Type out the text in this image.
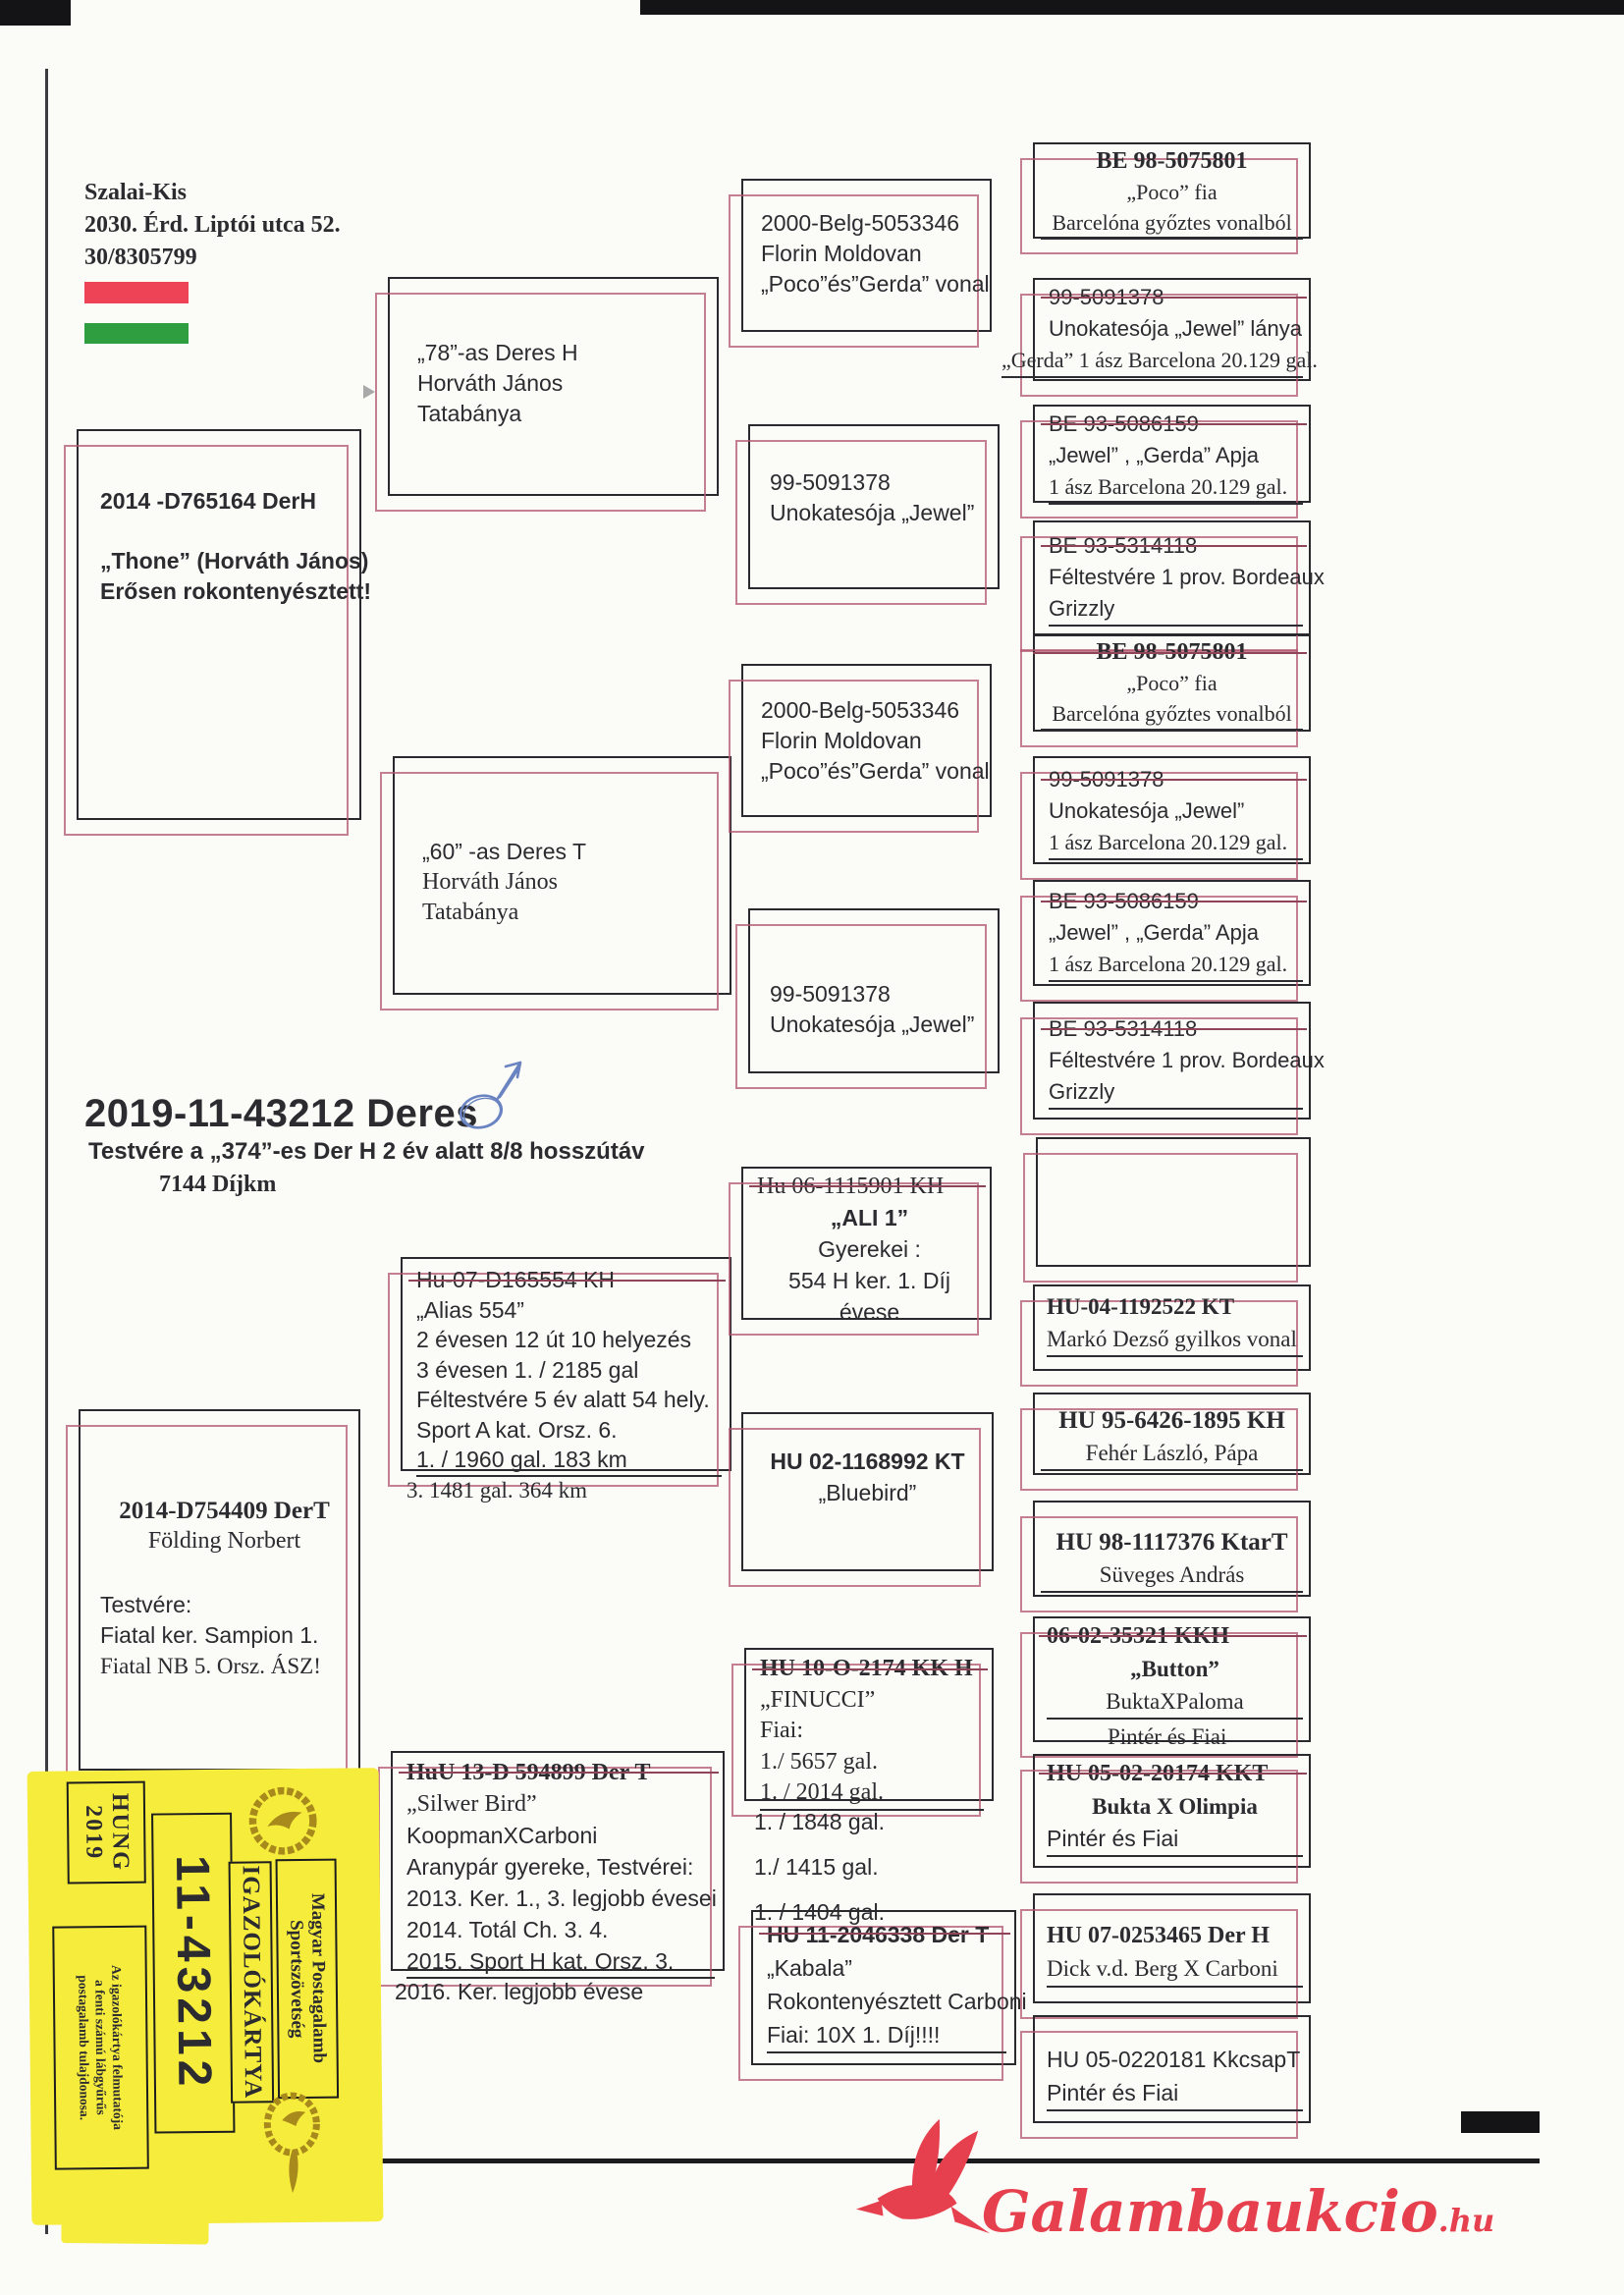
Szalai-Kis
2030. Érd. Liptói utca 52.
30/8305799
2014 -D765164 DerH
„Thone” (Horváth János)
Erősen rokontenyésztett!
2014-D754409 DerT
Földing Norbert
Testvére:
Fiatal ker. Sampion 1.
Fiatal NB 5. Orsz. ÁSZ!
„78”-as Deres H
Horváth János
Tatabánya
„60” -as Deres T
Horváth János
Tatabánya
Hu-07-D165554 KH
„Alias 554”
2 évesen 12 út 10 helyezés
3 évesen 1. / 2185 gal
Féltestvére 5 év alatt 54 hely.
Sport A kat. Orsz. 6.
1. / 1960 gal. 183 km
3. 1481 gal. 364 km
HuU 13-D 594899 Der T
„Silwer Bird”
KoopmanXCarboni
Aranypár gyereke, Testvérei:
2013. Ker. 1., 3. legjobb évesei
2014. Totál Ch. 3. 4.
2015. Sport H kat. Orsz. 3.
2016. Ker. legjobb évese
2000-Belg-5053346
Florin Moldovan
„Poco”és”Gerda” vonal
99-5091378
Unokatesója „Jewel”
2000-Belg-5053346
Florin Moldovan
„Poco”és”Gerda” vonal
99-5091378
Unokatesója „Jewel”
Hu 06-1115901 KH
„ALI 1”
Gyerekei :
554 H ker. 1. Díj
évese
HU 02-1168992 KT
„Bluebird”
HU 10-O-2174 KK H
„FINUCCI”
Fiai:
1./ 5657 gal.
1. / 2014 gal.
1. / 1848 gal.
1./ 1415 gal.
1. / 1404 gal.
HU 11-2046338 Der T
„Kabala”
Rokontenyésztett Carboni
Fiai: 10X 1. Díj!!!!
BE 98-5075801
„Poco” fia
Barcelóna győztes vonalból
99-5091378
Unokatesója „Jewel” lánya
„Gerda” 1 ász Barcelona 20.129 gal.
BE 93-5086159
„Jewel” , „Gerda” Apja
1 ász Barcelona 20.129 gal.
BE 93-5314118
Féltestvére 1 prov. Bordeaux
Grizzly
BE 98-5075801
„Poco” fia
Barcelóna győztes vonalból
99-5091378
Unokatesója „Jewel”
1 ász Barcelona 20.129 gal.
BE 93-5086159
„Jewel” , „Gerda” Apja
1 ász Barcelona 20.129 gal.
BE 93-5314118
Féltestvére 1 prov. Bordeaux
Grizzly
HU-04-1192522 KT
Markó Dezső gyilkos vonal
HU 95-6426-1895 KH
Fehér László, Pápa
HU 98-1117376 KtarT
Süveges András
06-02-35321 KKH
„Button”
BuktaXPaloma
Pintér és Fiai
HU 05-02-20174 KKT
Bukta X Olimpia
Pintér és Fiai
HU 07-0253465 Der H
Dick v.d. Berg X Carboni
HU 05-0220181 KkcsapT
Pintér és Fiai
2019-11-43212 Deres
Testvére a „374”-es Der H 2 év alatt 8/8 hosszútáv
7144 Díjkm
HUNG
2019
11-43212 IGAZOLÓKÁRTYA Magyar Postagalamb
Sportszövetség
Az igazolókártya felmutatója
a fenti számú lábgyűrűs
postagalamb tulajdonosa.
Galambaukcio.hu
